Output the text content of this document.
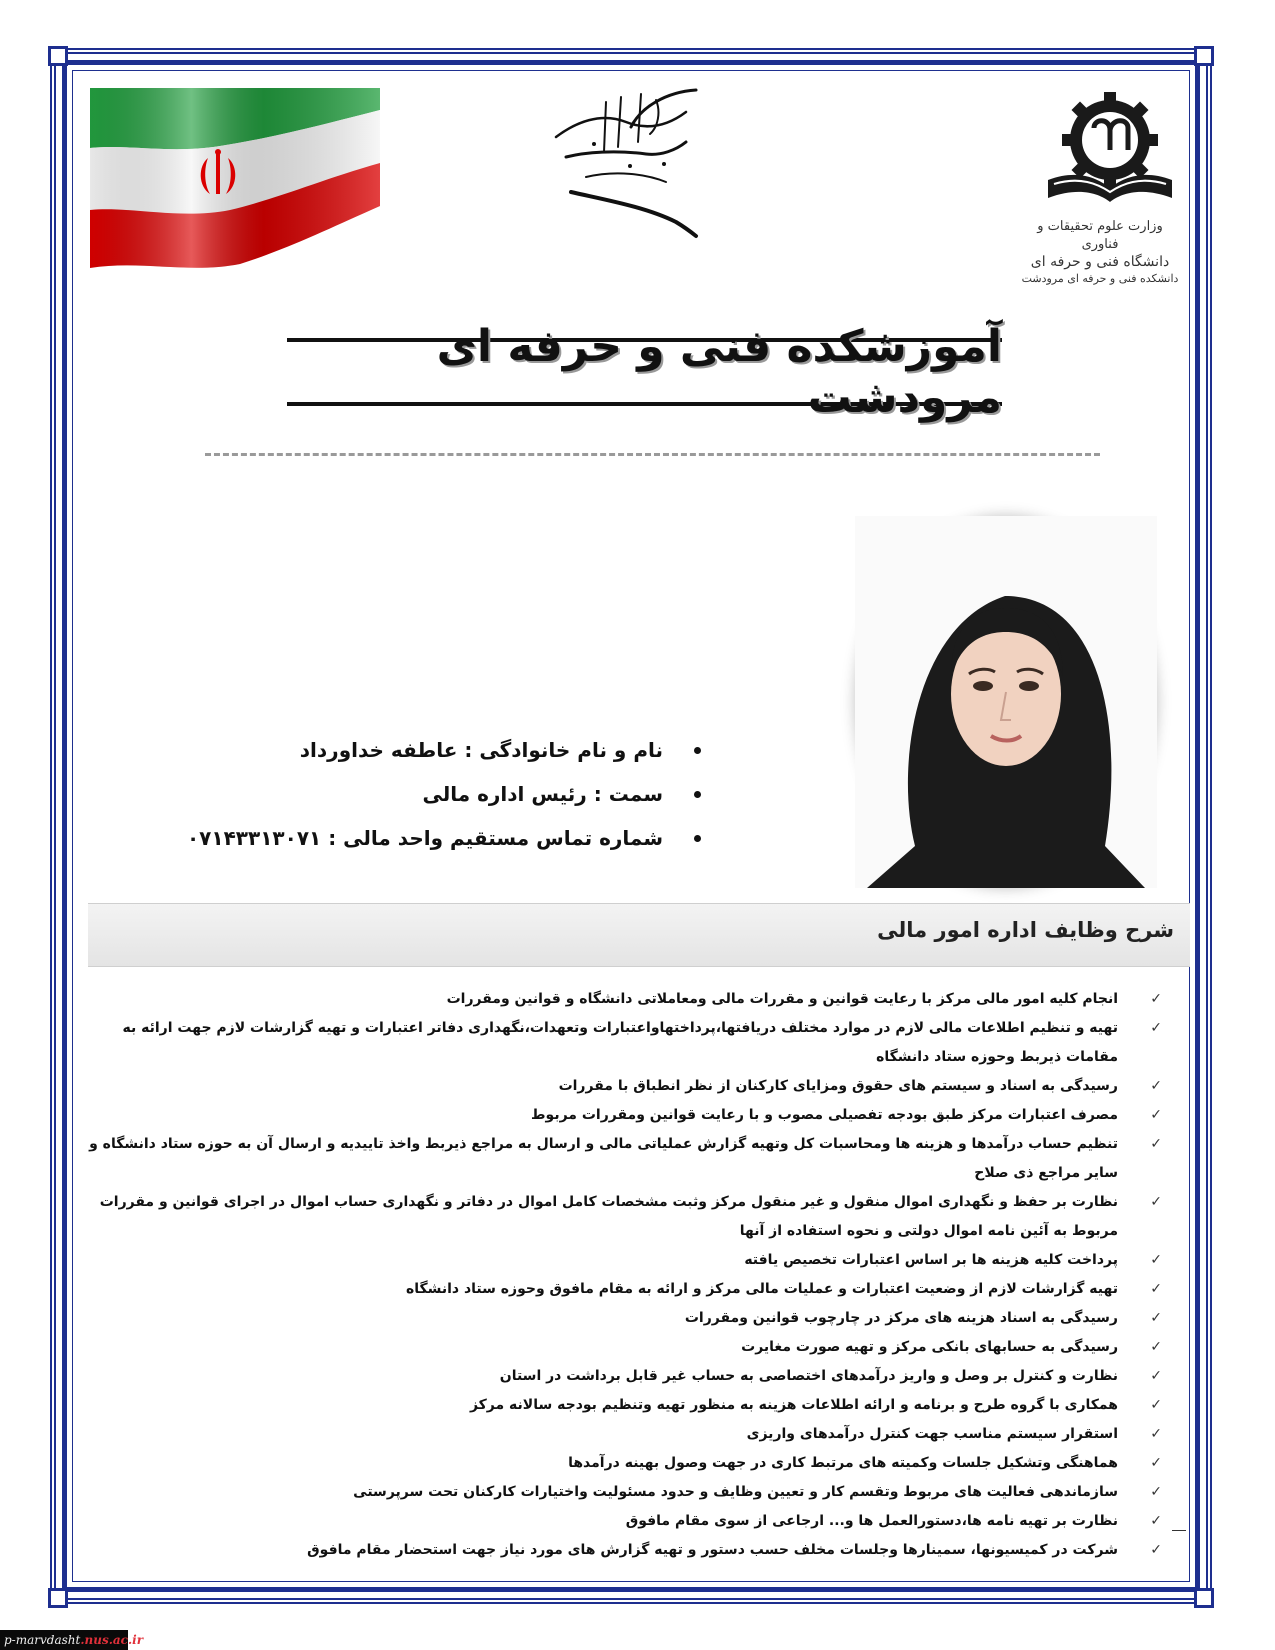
وزارت علوم تحقیقات و فناوری
دانشگاه فنی و حرفه ای
دانشکده فنی و حرفه ای مرودشت
آموزشکده فنی و حرفه ای مرودشت
نام و نام خانوادگی : عاطفه خداورداد
سمت : رئیس اداره مالی
شماره تماس مستقیم واحد مالی : ۰۷۱۴۳۳۱۳۰۷۱
شرح وظایف اداره امور مالی
✓
انجام کلیه امور مالی مرکز با رعایت قوانین و مقررات مالی ومعاملاتی دانشگاه و قوانین ومقررات
✓
تهیه و تنظیم اطلاعات مالی لازم در موارد مختلف دریافتها،پرداختهاواعتبارات وتعهدات،نگهداری دفاتر اعتبارات و تهیه گزارشات لازم جهت ارائه به مقامات ذیربط وحوزه ستاد دانشگاه
✓
رسیدگی به اسناد و سیستم های حقوق ومزایای کارکنان از نظر انطباق با مقررات
✓
مصرف اعتبارات مرکز طبق بودجه تفصیلی مصوب و با رعایت قوانین ومقررات مربوط
✓
تنظیم حساب درآمدها و هزینه ها ومحاسبات کل وتهیه گزارش عملیاتی مالی و ارسال به مراجع ذیربط واخذ تاییدیه و ارسال آن به حوزه ستاد دانشگاه و سایر مراجع ذی صلاح
✓
نظارت بر حفظ و نگهداری اموال منقول و غیر منقول مرکز وثبت مشخصات کامل اموال در دفاتر و نگهداری حساب اموال در اجرای قوانین و مقررات مربوط به آئین نامه اموال دولتی و نحوه استفاده از آنها
✓
پرداخت کلیه هزینه ها بر اساس اعتبارات تخصیص یافته
✓
تهیه گزارشات لازم از وضعیت اعتبارات و عملیات مالی مرکز و ارائه به مقام مافوق وحوزه ستاد دانشگاه
✓
رسیدگی به اسناد هزینه های مرکز در چارچوب قوانین ومقررات
✓
رسیدگی به حسابهای بانکی مرکز و تهیه صورت مغایرت
✓
نظارت و کنترل بر وصل و واریز درآمدهای اختصاصی به حساب غیر قابل برداشت در استان
✓
همکاری با گروه طرح و برنامه و ارائه اطلاعات هزینه به منظور تهیه وتنظیم بودجه سالانه مرکز
✓
استقرار سیستم مناسب جهت کنترل درآمدهای واریزی
✓
هماهنگی وتشکیل جلسات وکمیته های مرتبط کاری در جهت وصول بهینه درآمدها
✓
سازماندهی فعالیت های مربوط وتقسم کار و تعیین وظایف و حدود مسئولیت واختیارات کارکنان تحت سرپرستی
✓
نظارت بر تهیه نامه ها،دستورالعمل ها و... ارجاعی از سوی مقام مافوق
✓
شرکت در کمیسیونها، سمینارها وجلسات مخلف حسب دستور و تهیه گزارش های مورد نیاز جهت استحضار مقام مافوق
p-marvdasht.nus.ac.ir
